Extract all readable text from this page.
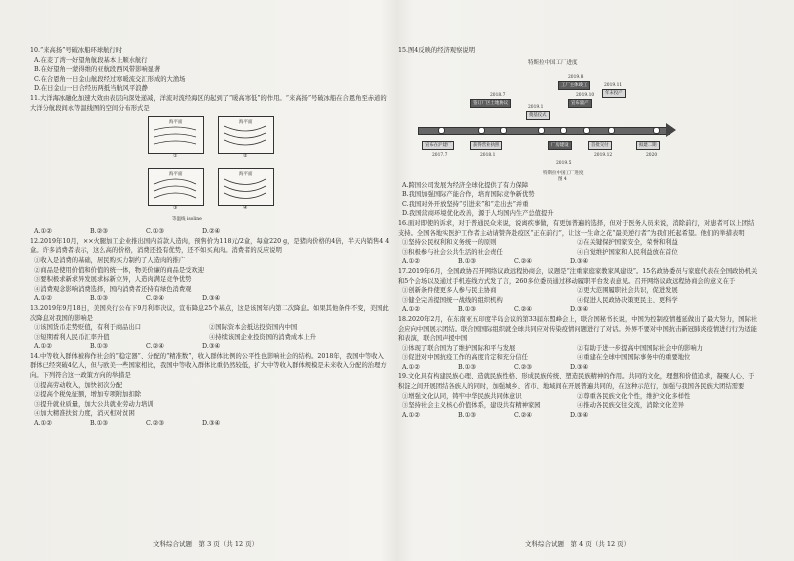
10.“来高扬”号破冰船环球航行时

A.在麦了湾一好望角航段基本上顺水航行

B.在好望角一蒙得维的亚航段西风带影响显著

C.在合恩角一日金山航段经过寒暖流交汇形成的大渔场

D.在日金山一日合经历两抵当航风平浪静

11.大洋海冰融化加速大效由表层向深处递减，洋流对流经海区的起到了“暖高寒低”的作用。“来高扬”号破冰船在合恩角至赤道的大洋分航段间永等温线图的空间分布形式是

海平面
①
海平面
②
海平面
③
海平面
④
等温线 isoline
A.①②	B.②③	C.①③	D.②④

12.2019年10月，××火腿加工企业推出国内首款人造肉，预售价为118元/2盒，每盒220 g，是猪肉价格的4倍，半天内销售4 4盒。许多消费者表示，这么高的价格，消费还投有优势，还不如买真肉。消费者的反应说明

①收入是消费的基础，居民购买力制约了人造肉的推广

②商品是使用价值和价值的统一体，物美价廉的商品是受欢迎

③要积极求新求异发展求标新立异，人造肉满足竞争优势

④消费观念影响消费选择，国内消费者还持有绿色消费观

A.①②	B.①③	C.②④	D.③④

13.2019年9月18日，美国央行公布下9月利率决议，宣布降息25个基点，这是该国年内第二次降息。如果其他条件不变，美国此次降息对我国的影响是

①该国货币走势贬值，有利于商品出口	②国际资本会抵达投资国内中国
③短期看利人民币汇率升值	④持续该国企业投资国的消费成本上升
A.①②	B.①③	C.②④	D.③④

14.中等收入群体被称作社会的“稳定器”、分配的“精准数”，收入群体比例的公平性也影响社会的结构。2018年，我国中等收入群体已经突破4亿人，但与欧美一些国家相比，我国中等收入群体比重仍然较低，扩大中等收入群体规模是未来收入分配的治理方向。下列符合这一政策方向的举措是

①提高劳动收入，加快初次分配

②提高个税免征额，增加专项附加扣除

③提升就业质量，加大公共就业劳动力培训

④加大精准扶贫力度，消灭相对贫困

A.①②	B.①③	C.②③	D.③④

15.图4反映的经济观察说明

特斯拉中国工厂进度
2018.7
签订厂区土地协议
2019.1
奠基仪式
2019.8
工厂主体竣工
2019.10
宣布量产
2019.11
年末投产
宣布在沪建厂
2017.7
获得营业执照
2018.1
厂房建设
2019.5
首批交付
2019.12
拟建二期
2020
特斯拉中国工厂进度
图 4

A.跨国公司发展为经济全球化提供了有力保障

B.我国加强国际产能合作，培育国际竞争新优势

C.我国对外开放坚持“引进来”和“走出去”并重

D.我国营商环境优化改善，源于人均国内生产总值提升

16.面对即使的诉求，对于普通民众来说，说离疾事做，有更加普遍的选择，但对于医务人员来说，消除前行，对患者可以上团结支持。全国各地实医护工作者主动请赞奔赴疫区“正在前行”，让这一生命之花“最美逆行者”为我们托起希望。他们的举措表明

①坚持公民权利和义务统一的原则	②在关键保护国家安全，荣誉和利益
③积极参与社会公共生活的社会责任	④自觉维护国家和人民利益放在首位
A.①②	B.①③	C.②④	D.③④

17.2019年6月，全国政协召开网络议政远程协商会，议题是“注重家庭家教家风建设”。15名政协委员与家庭代表在全国政协机关和5个会场以及通过手机连线方式发了言，260多位委员通过移动履职平台发表意见。召开网络议政远程协商会的意义在于

①创新条件使更多人参与民主协商	②更大范围履职社会共识，促进发展
③健全完善提国统一战线的组织机构	④促进人民政协决策更民主、更科学
A.①②	B.①③	C.②④	D.③④

18.2020年2月，在东南亚五印度半岛会议的第33届东盟峰会上，联合国秘书长说，中国为控制疫情蔓延做出了最大努力，国际社会应向中国展示团结。联合国国际组织就全球共同应对传染疫情问题进行了对话。外界不要对中国抗击新冠肺炎疫情进行行为适能和表演，联合国声援中国

①体现了联合国为了维护国际和平与发展	②有助于进一步提高中国国际社会中的影响力
③促进对中国抗疫工作的高度肯定和充分信任	④重建在全球中国国际事务中的重要地位
A.①②	B.①③	C.②③	D.③④

19.文化具有构建民族心理、造就民族性格、形成民族传统、塑造民族精神的作用。共同的文化，理想和价值追求，凝聚人心、于积淀之间开展团结各族人的同时，加强城乡、省市、地域间在开展普遍共同的，在这种示范行，加强与我国各民族大团结需要

①增强文化认同，铸牢中华民族共同体意识	②尊重各民族文化个性，维护文化多样性
③坚持社会主义核心价值体系，建设共有精神家园	④推动各民族交往交流，消除文化差异
A.①②	B.①③	C.②④	D.③④
文科综合试题　第 3 页（共 12 页）	文科综合试题　第 4 页（共 12 页）
